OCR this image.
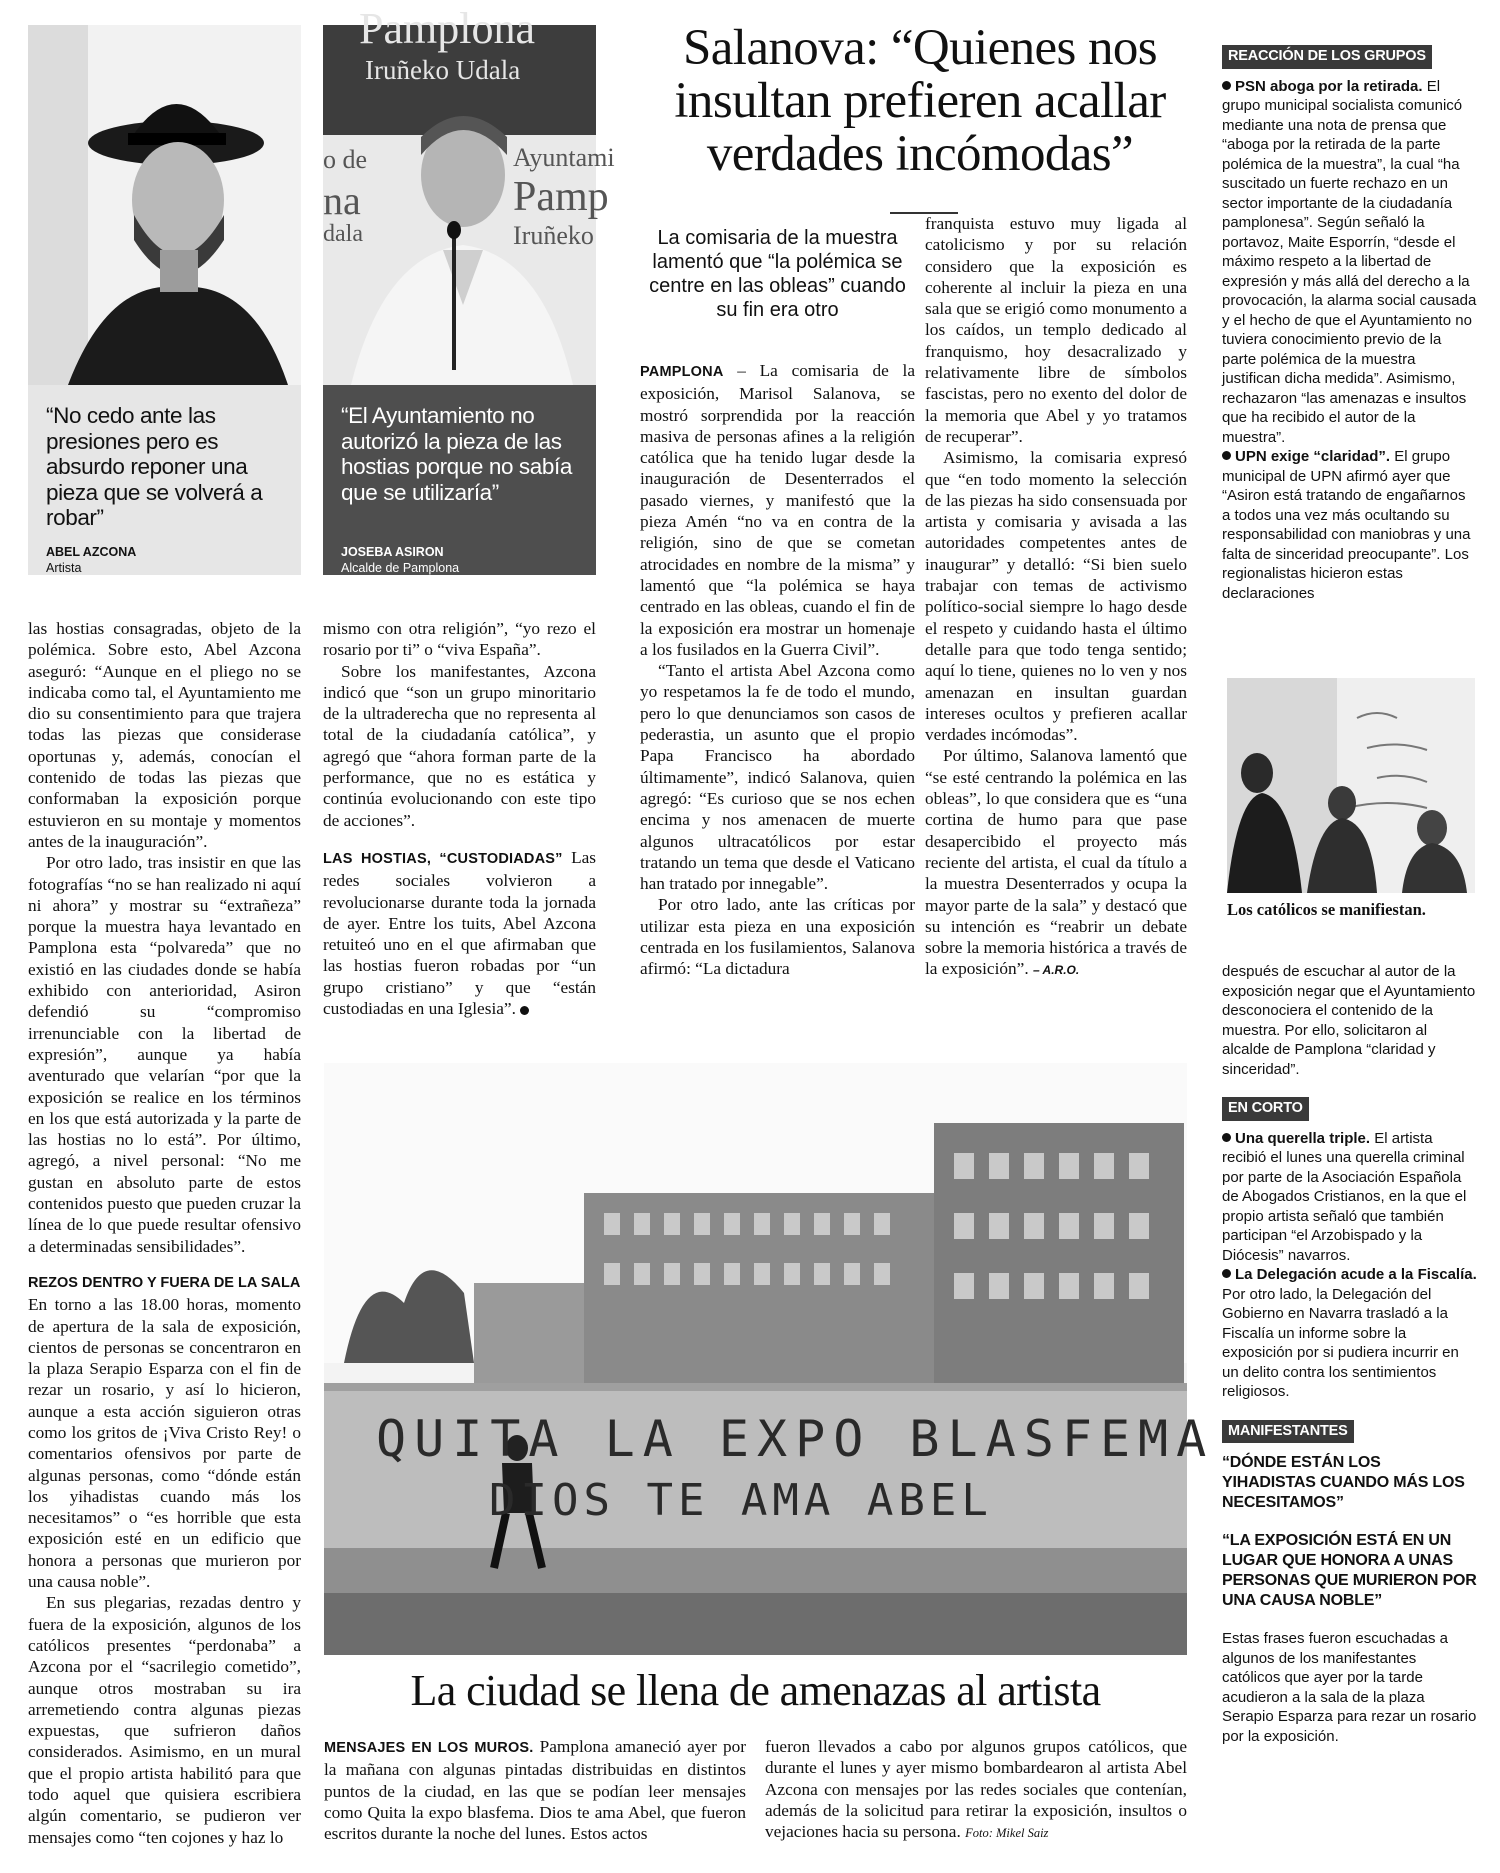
“No cedo ante las presiones pero es absurdo reponer una pieza que se volverá a robar”
ABEL AZCONA
Artista
Pamplona
Iruñeko Udala
o de
na
dala
Ayuntami
Pamp
Iruñeko
“El Ayuntamiento no autorizó la pieza de las hostias porque no sabía que se utilizaría”
JOSEBA ASIRON
Alcalde de Pamplona
Salanova: “Quienes nos insultan prefieren acallar verdades incómodas”
La comisaria de la muestra lamentó que “la polémica se centre en las obleas” cuando su fin era otro

las hostias consagradas, objeto de la polémica. Sobre esto, Abel Azcona aseguró: “Aunque en el pliego no se indicaba como tal, el Ayuntamiento me dio su consentimiento para que trajera todas las piezas que considerase oportunas y, además, conocían el contenido de todas las piezas que conformaban la exposición porque estuvieron en su montaje y momentos antes de la inauguración”.

Por otro lado, tras insistir en que las fotografías “no se han realizado ni aquí ni ahora” y mostrar su “extrañeza” porque la muestra haya levantado en Pamplona esta “polvareda” que no existió en las ciudades donde se había exhibido con anterioridad, Asiron defendió su “compromiso irrenunciable con la libertad de expresión”, aunque ya había aventurado que velarían “por que la exposición se realice en los términos en los que está autorizada y la parte de las hostias no lo está”. Por último, agregó, a nivel personal: “No me gustan en absoluto parte de estos contenidos puesto que pueden cruzar la línea de lo que puede resultar ofensivo a determinadas sensibilidades”.

REZOS DENTRO Y FUERA DE LA SALA

En torno a las 18.00 horas, momento de apertura de la sala de exposición, cientos de personas se concentraron en la plaza Serapio Esparza con el fin de rezar un rosario, y así lo hicieron, aunque a esta acción siguieron otras como los gritos de ¡Viva Cristo Rey! o comentarios ofensivos por parte de algunas personas, como “dónde están los yihadistas cuando más los necesitamos” o “es horrible que esta exposición esté en un edificio que honora a personas que murieron por una causa noble”.

En sus plegarias, rezadas dentro y fuera de la exposición, algunos de los católicos presentes “perdonaba” a Azcona por el “sacrilegio cometido”, aunque otros mostraban su ira arremetiendo contra algunas piezas expuestas, que sufrieron daños considerados. Asimismo, en un mural que el propio artista habilitó para que todo aquel que quisiera escribiera algún comentario, se pudieron ver mensajes como “ten cojones y haz lo

mismo con otra religión”, “yo rezo el rosario por ti” o “viva España”.

Sobre los manifestantes, Azcona indicó que “son un grupo minoritario de la ultraderecha que no representa al total de la ciudadanía católica”, y agregó que “ahora forman parte de la performance, que no es estática y continúa evolucionando con este tipo de acciones”.

LAS HOSTIAS, “CUSTODIADAS” Las redes sociales volvieron a revolucionarse durante toda la jornada de ayer. Entre los tuits, Abel Azcona retuiteó uno en el que afirmaban que las hostias fueron robadas por “un grupo cristiano” y que “están custodiadas en una Iglesia”.

PAMPLONA – La comisaria de la exposición, Marisol Salanova, se mostró sorprendida por la reacción masiva de personas afines a la religión católica que ha tenido lugar desde la inauguración de Desenterrados el pasado viernes, y manifestó que la pieza Amén “no va en contra de la religión, sino de que se cometan atrocidades en nombre de la misma” y lamentó que “la polémica se haya centrado en las obleas, cuando el fin de la exposición era mostrar un homenaje a los fusilados en la Guerra Civil”.

“Tanto el artista Abel Azcona como yo respetamos la fe de todo el mundo, pero lo que denunciamos son casos de pederastia, un asunto que el propio Papa Francisco ha abordado últimamente”, indicó Salanova, quien agregó: “Es curioso que se nos echen encima y nos amenacen de muerte algunos ultracatólicos por estar tratando un tema que desde el Vaticano han tratado por innegable”.

Por otro lado, ante las críticas por utilizar esta pieza en una exposición centrada en los fusilamientos, Salanova afirmó: “La dictadura

franquista estuvo muy ligada al catolicismo y por su relación considero que la exposición es coherente al incluir la pieza en una sala que se erigió como monumento a los caídos, un templo dedicado al franquismo, hoy desacralizado y relativamente libre de símbolos fascistas, pero no exento del dolor de la memoria que Abel y yo tratamos de recuperar”.

Asimismo, la comisaria expresó que “en todo momento la selección de las piezas ha sido consensuada por artista y comisaria y avisada a las autoridades competentes antes de inaugurar” y detalló: “Si bien suelo trabajar con temas de activismo político-social siempre lo hago desde el respeto y cuidando hasta el último detalle para que todo tenga sentido; aquí lo tiene, quienes no lo ven y nos amenazan en insultan guardan intereses ocultos y prefieren acallar verdades incómodas”.

Por último, Salanova lamentó que “se esté centrando la polémica en las obleas”, lo que considera que es “una cortina de humo para que pase desapercibido el proyecto más reciente del artista, el cual da título a la muestra Desenterrados y ocupa la mayor parte de la sala” y destacó que su intención es “reabrir un debate sobre la memoria histórica a través de la exposición”. – A.R.O.

REACCIÓN DE LOS GRUPOS

PSN aboga por la retirada. El grupo municipal socialista comunicó mediante una nota de prensa que “aboga por la retirada de la parte polémica de la muestra”, la cual “ha suscitado un fuerte rechazo en un sector importante de la ciudadanía pamplonesa”. Según señaló la portavoz, Maite Esporrín, “desde el máximo respeto a la libertad de expresión y más allá del derecho a la provocación, la alarma social causada y el hecho de que el Ayuntamiento no tuviera conocimiento previo de la parte polémica de la muestra justifican dicha medida”. Asimismo, rechazaron “las amenazas e insultos que ha recibido el autor de la muestra”.

UPN exige “claridad”. El grupo municipal de UPN afirmó ayer que “Asiron está tratando de engañarnos a todos una vez más ocultando su responsabilidad con maniobras y una falta de sinceridad preocupante”. Los regionalistas hicieron estas declaraciones

Los católicos se manifiestan.

después de escuchar al autor de la exposición negar que el Ayuntamiento desconociera el contenido de la muestra. Por ello, solicitaron al alcalde de Pamplona “claridad y sinceridad”.

EN CORTO

Una querella triple. El artista recibió el lunes una querella criminal por parte de la Asociación Española de Abogados Cristianos, en la que el propio artista señaló que también participan “el Arzobispado y la Diócesis” navarros.

La Delegación acude a la Fiscalía. Por otro lado, la Delegación del Gobierno en Navarra trasladó a la Fiscalía un informe sobre la exposición por si pudiera incurrir en un delito contra los sentimientos religiosos.

MANIFESTANTES

“DÓNDE ESTÁN LOS YIHADISTAS CUANDO MÁS LOS NECESITAMOS”

“LA EXPOSICIÓN ESTÁ EN UN LUGAR QUE HONORA A UNAS PERSONAS QUE MURIERON POR UNA CAUSA NOBLE”

Estas frases fueron escuchadas a algunos de los manifestantes católicos que ayer por la tarde acudieron a la sala de la plaza Serapio Esparza para rezar un rosario por la exposición.

QUITA LA EXPO BLASFEMA
DIOS TE AMA ABEL
La ciudad se llena de amenazas al artista
MENSAJES EN LOS MUROS. Pamplona amaneció ayer por la mañana con algunas pintadas distribuidas en distintos puntos de la ciudad, en las que se podían leer mensajes como Quita la expo blasfema. Dios te ama Abel, que fueron escritos durante la noche del lunes. Estos actos
fueron llevados a cabo por algunos grupos católicos, que durante el lunes y ayer mismo bombardearon al artista Abel Azcona con mensajes por las redes sociales que contenían, además de la solicitud para retirar la exposición, insultos o vejaciones hacia su persona. Foto: Mikel Saiz
